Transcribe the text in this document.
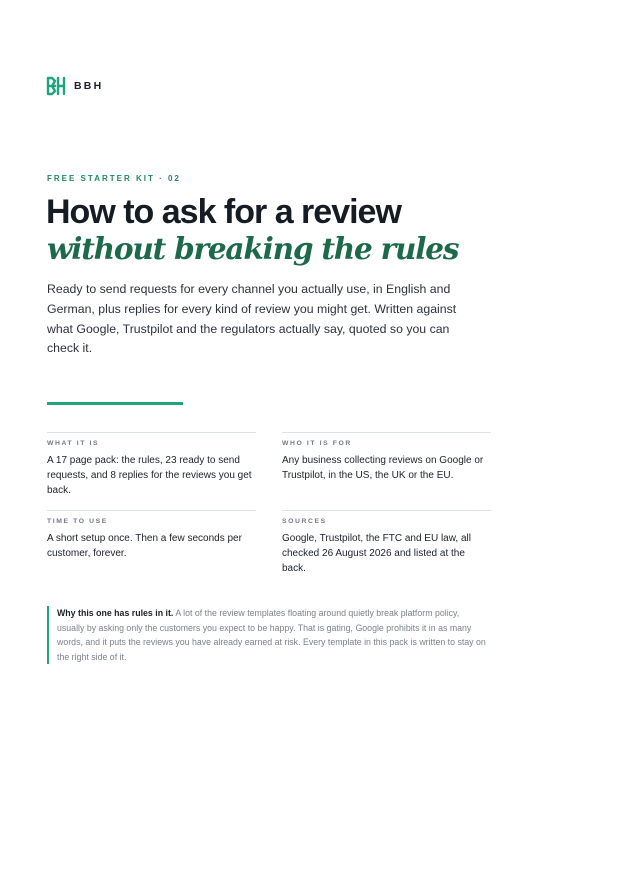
BBH
FREE STARTER KIT · 02
How to ask for a review
without breaking the rules

Ready to send requests for every channel you actually use, in English and German, plus replies for every kind of review you might get. Written against what Google, Trustpilot and the regulators actually say, quoted so you can check it.

WHAT IT IS
A 17 page pack: the rules, 23 ready to send requests, and 8 replies for the reviews you get back.
WHO IT IS FOR
Any business collecting reviews on Google or Trustpilot, in the US, the UK or the EU.
TIME TO USE
A short setup once. Then a few seconds per customer, forever.
SOURCES
Google, Trustpilot, the FTC and EU law, all checked 26 August 2026 and listed at the back.
Why this one has rules in it. A lot of the review templates floating around quietly break platform policy, usually by asking only the customers you expect to be happy. That is gating, Google prohibits it in as many words, and it puts the reviews you have already earned at risk. Every template in this pack is written to stay on the right side of it.
